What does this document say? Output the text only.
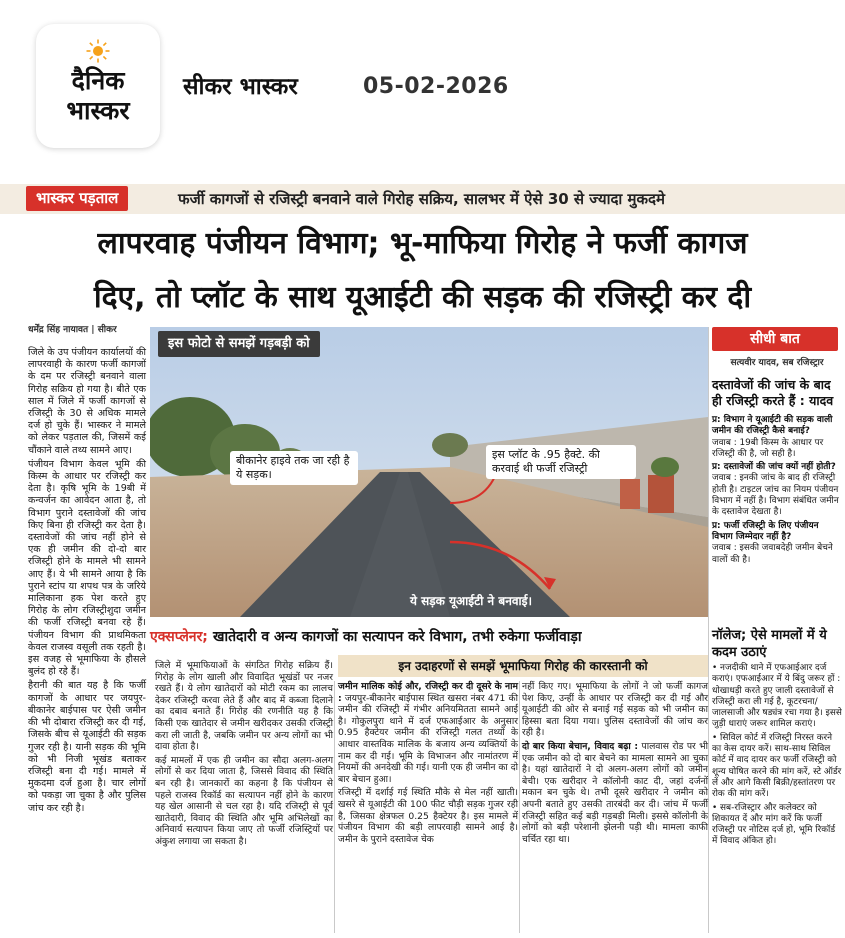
दैनिक
भास्कर
सीकर भास्कर	05-02-2026
भास्कर पड़ताल	फर्जी कागजों से रजिस्ट्री बनवाने वाले गिरोह सक्रिय, सालभर में ऐसे 30 से ज्यादा मुकदमे
लापरवाह पंजीयन विभाग; भू-माफिया गिरोह ने फर्जी कागज
दिए, तो प्लॉट के साथ यूआईटी की सड़क की रजिस्ट्री कर दी
धर्मेंद्र सिंह नायावत | सीकर

जिले के उप पंजीयन कार्यालयों की लापरवाही के कारण फर्जी कागजों के दम पर रजिस्ट्री बनवाने वाला गिरोह सक्रिय हो गया है। बीते एक साल में जिले में फर्जी कागजों से रजिस्ट्री के 30 से अधिक मामले दर्ज हो चुके हैं। भास्कर ने मामले को लेकर पड़ताल की, जिसमें कई चौंकाने वाले तथ्य सामने आए।

पंजीयन विभाग केवल भूमि की किस्म के आधार पर रजिस्ट्री कर देता है। कृषि भूमि के 19बी में कन्वर्जन का आवेदन आता है, तो विभाग पुराने दस्तावेजों की जांच किए बिना ही रजिस्ट्री कर देता है। दस्तावेजों की जांच नहीं होने से एक ही जमीन की दो-दो बार रजिस्ट्री होने के मामले भी सामने आए हैं। ये भी सामने आया है कि पुराने स्टांप या शपथ पत्र के जरिये मालिकाना हक पेश करते हुए गिरोह के लोग रजिस्ट्रीशुदा जमीन की फर्जी रजिस्ट्री बनवा रहे हैं। पंजीयन विभाग की प्राथमिकता केवल राजस्व वसूली तक रहती है। इस वजह से भूमाफिया के हौसले बुलंद हो रहे हैं।

हैरानी की बात यह है कि फर्जी कागजों के आधार पर जयपुर-बीकानेर बाईपास पर ऐसी जमीन की भी दोबारा रजिस्ट्री कर दी गई, जिसके बीच से यूआईटी की सड़क गुजर रही है। यानी सड़क की भूमि को भी निजी भूखंड बताकर रजिस्ट्री बना दी गई। मामले में मुकदमा दर्ज हुआ है। चार लोगों को पकड़ा जा चुका है और पुलिस जांच कर रही है।

इस फोटो से समझें गड़बड़ी को
बीकानेर हाइवे तक जा रही है ये सड़क।
इस प्लॉट के .95 हैक्टे. की करवाई थी फर्जी रजिस्ट्री
ये सड़क यूआईटी ने बनवाई।
सीधी बात
सत्यवीर यादव, सब रजिस्ट्रार
दस्तावेजों की जांच के बाद ही रजिस्ट्री करते हैं : यादव

प्र: विभाग ने यूआईटी की सड़क वाली जमीन की रजिस्ट्री कैसे बनाई?
जवाब : 19बी किस्म के आधार पर रजिस्ट्री की है, जो सही है।

प्र: दस्तावेजों की जांच क्यों नहीं होती?
जवाब : इनकी जांच के बाद ही रजिस्ट्री होती है। टाइटल जांच का नियम पंजीयन विभाग में नहीं है। विभाग संबंधित जमीन के दस्तावेज देखता है।

प्र: फर्जी रजिस्ट्री के लिए पंजीयन विभाग जिम्मेदार नहीं है?
जवाब : इसकी जवाबदेही जमीन बेचने वालों की है।

नॉलेज; ऐसे मामलों में ये कदम उठाएं

• नजदीकी थाने में एफआईआर दर्ज कराएं। एफआईआर में ये बिंदु जरूर हों : धोखाधड़ी करते हुए जाली दस्तावेजों से रजिस्ट्री करा ली गई है, कूटरचना/जालसाजी और षड्यंत्र रचा गया है। इससे जुड़ी धाराएं जरूर शामिल कराएं।

• सिविल कोर्ट में रजिस्ट्री निरस्त करने का केस दायर करें। साथ-साथ सिविल कोर्ट में वाद दायर कर फर्जी रजिस्ट्री को शून्य घोषित करने की मांग करें, स्टे ऑर्डर लें और आगे किसी बिक्री/हस्तांतरण पर रोक की मांग करें।

• सब-रजिस्ट्रार और कलेक्टर को शिकायत दें और मांग करें कि फर्जी रजिस्ट्री पर नोटिस दर्ज हो, भूमि रिकॉर्ड में विवाद अंकित हो।

एक्सप्लेनर; खातेदारी व अन्य कागजों का सत्यापन करे विभाग, तभी रुकेगा फर्जीवाड़ा
इन उदाहरणों से समझें भूमाफिया गिरोह की कारस्तानी को

जिले में भूमाफियाओं के संगठित गिरोह सक्रिय हैं। गिरोह के लोग खाली और विवादित भूखंडों पर नजर रखते हैं। ये लोग खातेदारों को मोटी रकम का लालच देकर रजिस्ट्री करवा लेते हैं और बाद में कब्जा दिलाने का दबाव बनाते हैं। गिरोह की रणनीति यह है कि किसी एक खातेदार से जमीन खरीदकर उसकी रजिस्ट्री करा ली जाती है, जबकि जमीन पर अन्य लोगों का भी दावा होता है।

कई मामलों में एक ही जमीन का सौदा अलग-अलग लोगों से कर दिया जाता है, जिससे विवाद की स्थिति बन रही है। जानकारों का कहना है कि पंजीयन से पहले राजस्व रिकॉर्ड का सत्यापन नहीं होने के कारण यह खेल आसानी से चल रहा है। यदि रजिस्ट्री से पूर्व खातेदारी, विवाद की स्थिति और भूमि अभिलेखों का अनिवार्य सत्यापन किया जाए तो फर्जी रजिस्ट्रियों पर अंकुश लगाया जा सकता है।

जमीन मालिक कोई और, रजिस्ट्री कर दी दूसरे के नाम : जयपुर-बीकानेर बाईपास स्थित खसरा नंबर 471 की जमीन की रजिस्ट्री में गंभीर अनियमितता सामने आई है। गोकुलपुरा थाने में दर्ज एफआईआर के अनुसार 0.95 हैक्टेयर जमीन की रजिस्ट्री गलत तथ्यों के आधार वास्तविक मालिक के बजाय अन्य व्यक्तियों के नाम कर दी गई। भूमि के विभाजन और नामांतरण में नियमों की अनदेखी की गई। यानी एक ही जमीन का दो बार बेचान हुआ।

रजिस्ट्री में दर्शाई गई स्थिति मौके से मेल नहीं खाती। खसरे से यूआईटी की 100 फीट चौड़ी सड़क गुजर रही है, जिसका क्षेत्रफल 0.25 हैक्टेयर है। इस मामले में पंजीयन विभाग की बड़ी लापरवाही सामने आई है। जमीन के पुराने दस्तावेज चेक

नहीं किए गए। भूमाफिया के लोगों ने जो फर्जी कागज पेश किए, उन्हीं के आधार पर रजिस्ट्री कर दी गई और यूआईटी की ओर से बनाई गई सड़क को भी जमीन का हिस्सा बता दिया गया। पुलिस दस्तावेजों की जांच कर रही है।

दो बार किया बेचान, विवाद बढ़ा : पालवास रोड पर भी एक जमीन को दो बार बेचने का मामला सामने आ चुका है। यहां खातेदारों ने दो अलग-अलग लोगों को जमीन बेची। एक खरीदार ने कॉलोनी काट दी, जहां दर्जनों मकान बन चुके थे। तभी दूसरे खरीदार ने जमीन को अपनी बताते हुए उसकी तारबंदी कर दी। जांच में फर्जी रजिस्ट्री सहित कई बड़ी गड़बड़ी मिली। इससे कॉलोनी के लोगों को बड़ी परेशानी झेलनी पड़ी थी। मामला काफी चर्चित रहा था।
